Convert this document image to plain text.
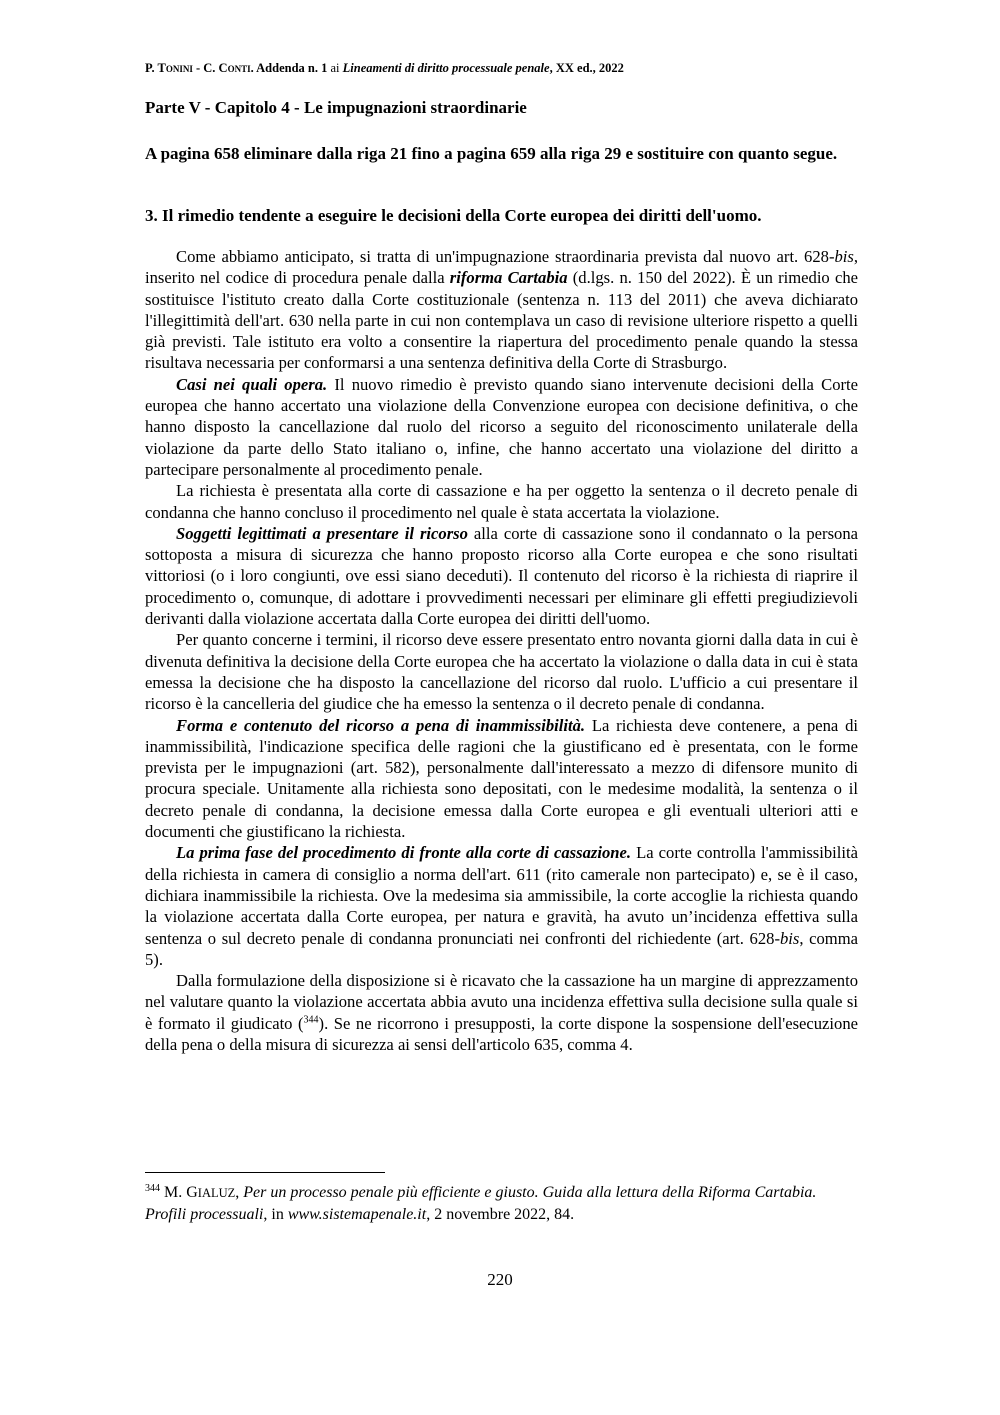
P. Tonini - C. Conti. Addenda n. 1 ai Lineamenti di diritto processuale penale, XX ed., 2022
Parte V - Capitolo 4 - Le impugnazioni straordinarie
A pagina 658 eliminare dalla riga 21 fino a pagina 659 alla riga 29 e sostituire con quanto segue.
3. Il rimedio tendente a eseguire le decisioni della Corte europea dei diritti dell'uomo.

Come abbiamo anticipato, si tratta di un'impugnazione straordinaria prevista dal nuovo art. 628-bis, inserito nel codice di procedura penale dalla riforma Cartabia (d.lgs. n. 150 del 2022). È un rimedio che sostituisce l'istituto creato dalla Corte costituzionale (sentenza n. 113 del 2011) che aveva dichiarato l'illegittimità dell'art. 630 nella parte in cui non contemplava un caso di revisione ulteriore rispetto a quelli già previsti. Tale istituto era volto a consentire la riapertura del procedimento penale quando la stessa risultava necessaria per conformarsi a una sentenza definitiva della Corte di Strasburgo.

Casi nei quali opera. Il nuovo rimedio è previsto quando siano intervenute decisioni della Corte europea che hanno accertato una violazione della Convenzione europea con decisione definitiva, o che hanno disposto la cancellazione dal ruolo del ricorso a seguito del riconoscimento unilaterale della violazione da parte dello Stato italiano o, infine, che hanno accertato una violazione del diritto a partecipare personalmente al procedimento penale.

La richiesta è presentata alla corte di cassazione e ha per oggetto la sentenza o il decreto penale di condanna che hanno concluso il procedimento nel quale è stata accertata la violazione.

Soggetti legittimati a presentare il ricorso alla corte di cassazione sono il condannato o la persona sottoposta a misura di sicurezza che hanno proposto ricorso alla Corte europea e che sono risultati vittoriosi (o i loro congiunti, ove essi siano deceduti). Il contenuto del ricorso è la richiesta di riaprire il procedimento o, comunque, di adottare i provvedimenti necessari per eliminare gli effetti pregiudizievoli derivanti dalla violazione accertata dalla Corte europea dei diritti dell'uomo.

Per quanto concerne i termini, il ricorso deve essere presentato entro novanta giorni dalla data in cui è divenuta definitiva la decisione della Corte europea che ha accertato la violazione o dalla data in cui è stata emessa la decisione che ha disposto la cancellazione del ricorso dal ruolo. L'ufficio a cui presentare il ricorso è la cancelleria del giudice che ha emesso la sentenza o il decreto penale di condanna.

Forma e contenuto del ricorso a pena di inammissibilità. La richiesta deve contenere, a pena di inammissibilità, l'indicazione specifica delle ragioni che la giustificano ed è presentata, con le forme prevista per le impugnazioni (art. 582), personalmente dall'interessato a mezzo di difensore munito di procura speciale. Unitamente alla richiesta sono depositati, con le medesime modalità, la sentenza o il decreto penale di condanna, la decisione emessa dalla Corte europea e gli eventuali ulteriori atti e documenti che giustificano la richiesta.

La prima fase del procedimento di fronte alla corte di cassazione. La corte controlla l'ammissibilità della richiesta in camera di consiglio a norma dell'art. 611 (rito camerale non partecipato) e, se è il caso, dichiara inammissibile la richiesta. Ove la medesima sia ammissibile, la corte accoglie la richiesta quando la violazione accertata dalla Corte europea, per natura e gravità, ha avuto un’incidenza effettiva sulla sentenza o sul decreto penale di condanna pronunciati nei confronti del richiedente (art. 628-bis, comma 5).

Dalla formulazione della disposizione si è ricavato che la cassazione ha un margine di apprezzamento nel valutare quanto la violazione accertata abbia avuto una incidenza effettiva sulla decisione sulla quale si è formato il giudicato ($^{344}$). Se ne ricorrono i presupposti, la corte dispone la sospensione dell'esecuzione della pena o della misura di sicurezza ai sensi dell'articolo 635, comma 4.

$^{344}$ M. GIALUZ, Per un processo penale più efficiente e giusto. Guida alla lettura della Riforma Cartabia. Profili processuali, in www.sistemapenale.it, 2 novembre 2022, 84.
220
